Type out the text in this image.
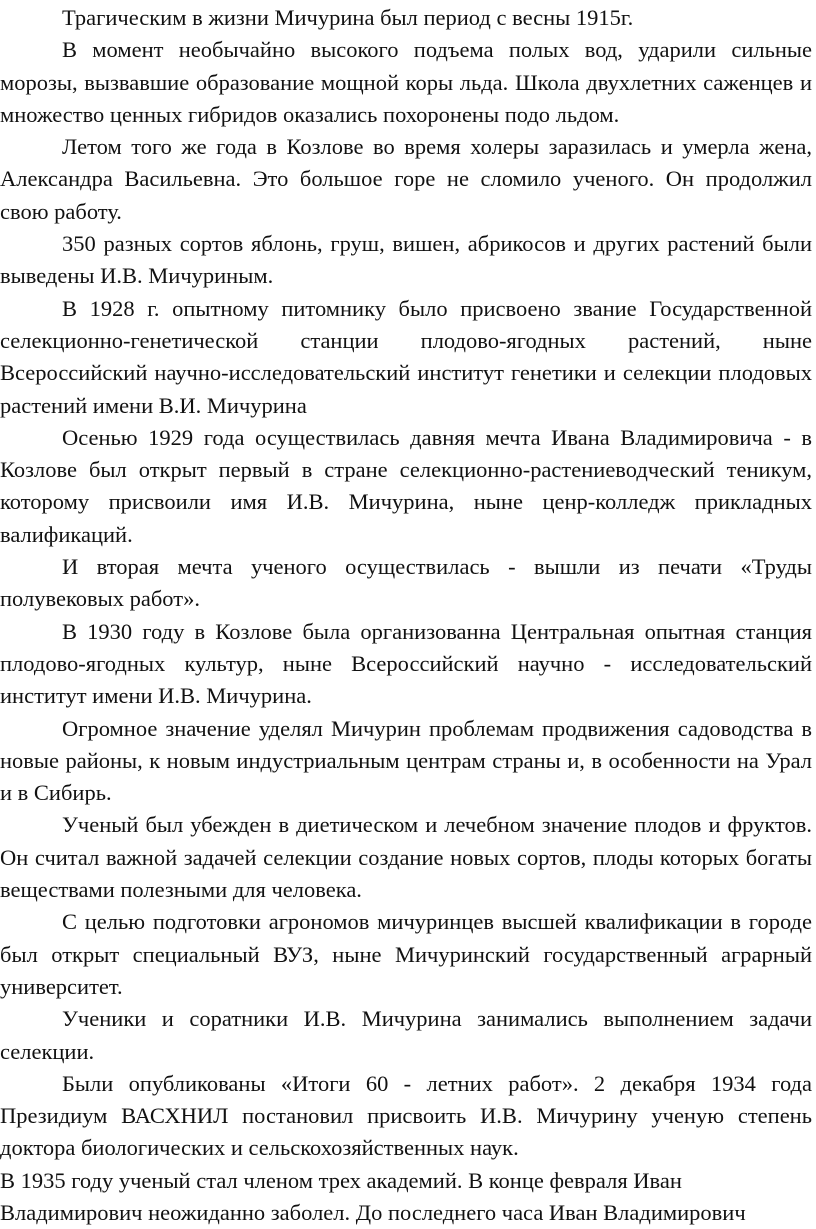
Трагическим в жизни Мичурина был период с весны 1915г.

В момент необычайно высокого подъема полых вод, ударили сильные морозы, вызвавшие образование мощной коры льда. Школа двухлетних саженцев и множество ценных гибридов оказались похоронены подо льдом.

Летом того же года в Козлове во время холеры заразилась и умерла жена, Александра Васильевна. Это большое горе не сломило ученого. Он продолжил свою работу.

350 разных сортов яблонь, груш, вишен, абрикосов и других растений были выведены И.В. Мичуриным.

В 1928 г. опытному питомнику было присвоено звание Государственной селекционно-генетической станции плодово-ягодных растений, ныне Всероссийский научно-исследовательский институт генетики и селекции плодовых растений имени В.И. Мичурина

Осенью 1929 года осуществилась давняя мечта Ивана Владимировича - в Козлове был открыт первый в стране селекционно-растениеводческий теникум, которому присвоили имя И.В. Мичурина, ныне ценр-колледж прикладных валификаций.

И вторая мечта ученого осуществилась - вышли из печати «Труды полувековых работ».

В 1930 году в Козлове была организованна Центральная опытная станция плодово-ягодных культур, ныне Всероссийский научно - исследовательский институт имени И.В. Мичурина.

Огромное значение уделял Мичурин проблемам продвижения садоводства в новые районы, к новым индустриальным центрам страны и, в особенности на Урал и в Сибирь.

Ученый был убежден в диетическом и лечебном значение плодов и фруктов. Он считал важной задачей селекции создание новых сортов, плоды которых богаты веществами полезными для человека.

С целью подготовки агрономов мичуринцев высшей квалификации в городе был открыт специальный ВУЗ, ныне Мичуринский государственный аграрный университет.

Ученики и соратники И.В. Мичурина занимались выполнением задачи селекции.

Были опубликованы «Итоги 60 - летних работ». 2 декабря 1934 года Президиум ВАСХНИЛ постановил присвоить И.В. Мичурину ученую степень доктора биологических и сельскохозяйственных наук.

В 1935 году ученый стал членом трех академий. В конце февраля Иван Владимирович неожиданно заболел. До последнего часа Иван Владимирович
